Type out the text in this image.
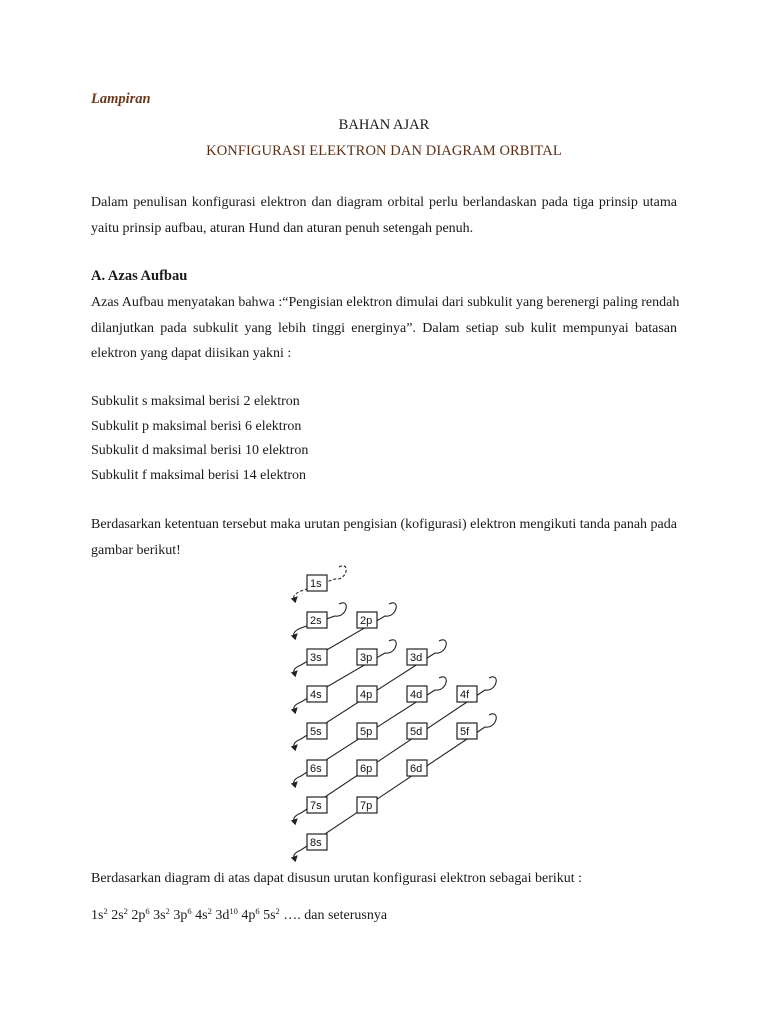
Lampiran

BAHAN AJAR

KONFIGURASI ELEKTRON DAN DIAGRAM ORBITAL

Dalam penulisan konfigurasi elektron dan diagram orbital perlu berlandaskan pada tiga prinsip utama
yaitu prinsip aufbau, aturan Hund dan aturan penuh setengah penuh.

A. Azas Aufbau

Azas Aufbau menyatakan bahwa :“Pengisian elektron dimulai dari subkulit yang berenergi paling rendah
dilanjutkan pada subkulit yang lebih tinggi energinya”. Dalam setiap sub kulit mempunyai batasan
elektron yang dapat diisikan yakni :
Subkulit s maksimal berisi 2 elektron
Subkulit p maksimal berisi 6 elektron
Subkulit d maksimal berisi 10 elektron
Subkulit f maksimal berisi 14 elektron
Berdasarkan ketentuan tersebut maka urutan pengisian (kofigurasi) elektron mengikuti tanda panah pada
gambar berikut!
1s
2s	2p
3s	3p	3d
4s	4p	4d	4f
5s	5p	5d	5f
6s	6p	6d
7s	7p
8s
Berdasarkan diagram di atas dapat disusun urutan konfigurasi elektron sebagai berikut :

$1s^2$ $2s^2$ $2p^6$ $3s^2$ $3p^6$ $4s^2$ $3d^{10}$ $4p^6$ $5s^2$ …. dan seterusnya
